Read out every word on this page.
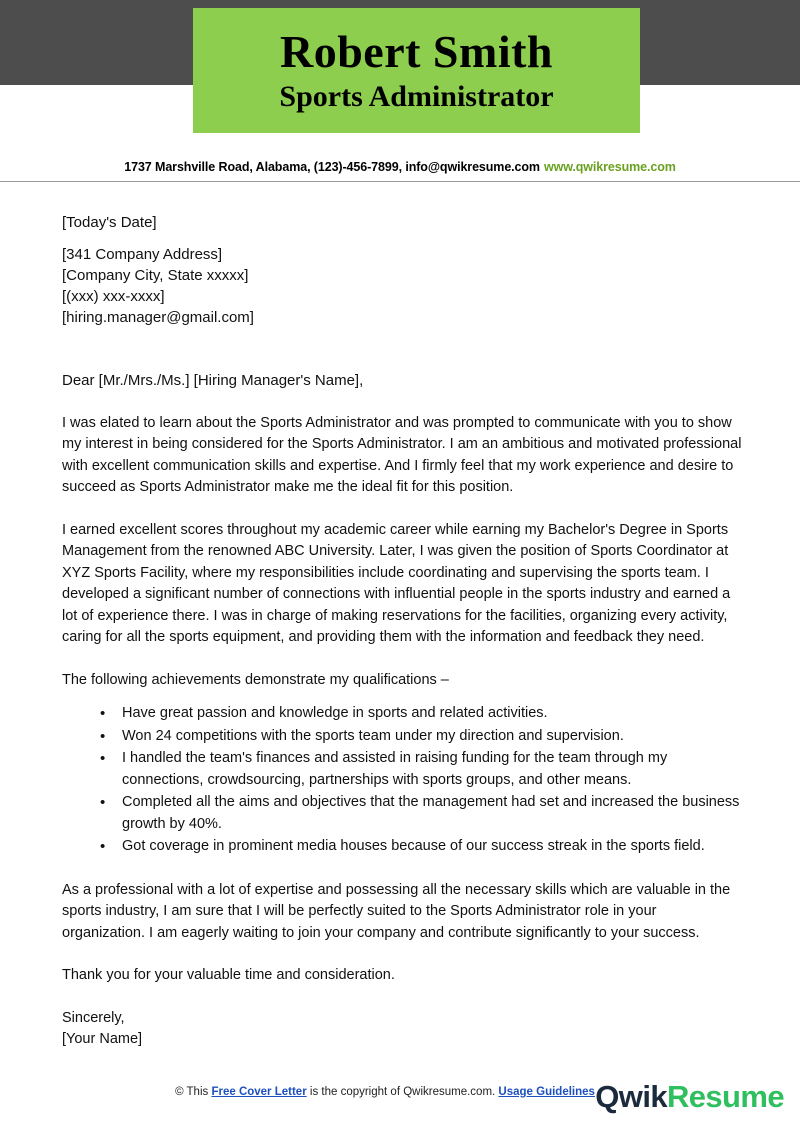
Robert Smith
Sports Administrator
1737 Marshville Road, Alabama, (123)-456-7899, info@qwikresume.com www.qwikresume.com
[Today's Date]
[341 Company Address]
[Company City, State xxxxx]
[(xxx) xxx-xxxx]
[hiring.manager@gmail.com]
Dear [Mr./Mrs./Ms.] [Hiring Manager's Name],

I was elated to learn about the Sports Administrator and was prompted to communicate with you to show my interest in being considered for the Sports Administrator. I am an ambitious and motivated professional with excellent communication skills and expertise. And I firmly feel that my work experience and desire to succeed as Sports Administrator make me the ideal fit for this position.

I earned excellent scores throughout my academic career while earning my Bachelor's Degree in Sports Management from the renowned ABC University. Later, I was given the position of Sports Coordinator at XYZ Sports Facility, where my responsibilities include coordinating and supervising the sports team. I developed a significant number of connections with influential people in the sports industry and earned a lot of experience there. I was in charge of making reservations for the facilities, organizing every activity, caring for all the sports equipment, and providing them with the information and feedback they need.

The following achievements demonstrate my qualifications –

• Have great passion and knowledge in sports and related activities.
• Won 24 competitions with the sports team under my direction and supervision.
• I handled the team's finances and assisted in raising funding for the team through my connections, crowdsourcing, partnerships with sports groups, and other means.
• Completed all the aims and objectives that the management had set and increased the business growth by 40%.
• Got coverage in prominent media houses because of our success streak in the sports field.

As a professional with a lot of expertise and possessing all the necessary skills which are valuable in the sports industry, I am sure that I will be perfectly suited to the Sports Administrator role in your organization. I am eagerly waiting to join your company and contribute significantly to your success.

Thank you for your valuable time and consideration.

Sincerely,
[Your Name]
© This Free Cover Letter is the copyright of Qwikresume.com. Usage Guidelines QwikResume
